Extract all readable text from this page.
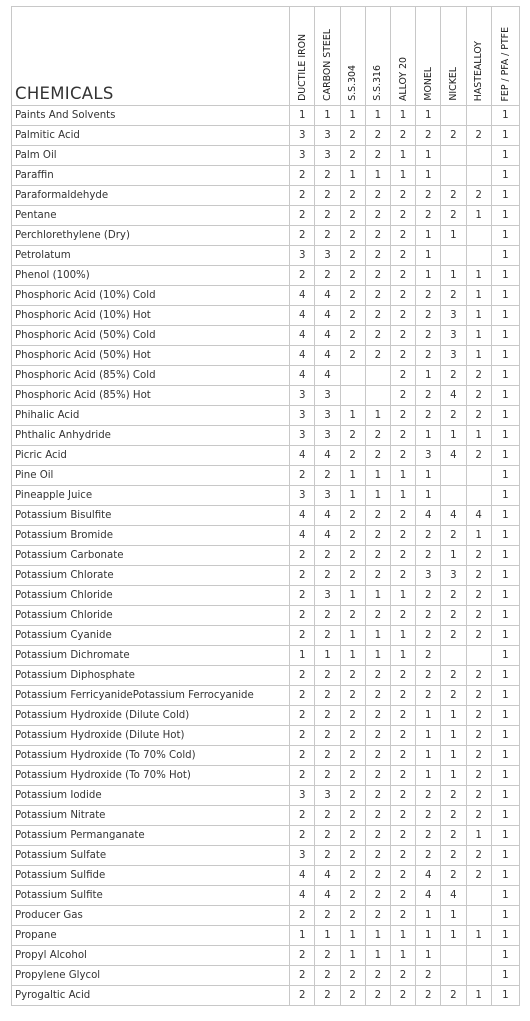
CHEMICALS	DUCTILE IRON	CARBON STEEL	S.S.304	S.S.316	ALLOY 20	MONEL	NICKEL	HASTEALLOY	FEP / PFA / PTFE

Paints And Solvents	1	1	1	1	1	1			1
Palmitic Acid	3	3	2	2	2	2	2	2	1
Palm Oil	3	3	2	2	1	1			1
Paraffin	2	2	1	1	1	1			1
Paraformaldehyde	2	2	2	2	2	2	2	2	1
Pentane	2	2	2	2	2	2	2	1	1
Perchlorethylene (Dry)	2	2	2	2	2	1	1		1
Petrolatum	3	3	2	2	2	1			1
Phenol (100%)	2	2	2	2	2	1	1	1	1
Phosphoric Acid (10%) Cold	4	4	2	2	2	2	2	1	1
Phosphoric Acid (10%) Hot	4	4	2	2	2	2	3	1	1
Phosphoric Acid (50%) Cold	4	4	2	2	2	2	3	1	1
Phosphoric Acid (50%) Hot	4	4	2	2	2	2	3	1	1
Phosphoric Acid (85%) Cold	4	4			2	1	2	2	1
Phosphoric Acid (85%) Hot	3	3			2	2	4	2	1
Phihalic Acid	3	3	1	1	2	2	2	2	1
Phthalic Anhydride	3	3	2	2	2	1	1	1	1
Picric Acid	4	4	2	2	2	3	4	2	1
Pine Oil	2	2	1	1	1	1			1
Pineapple Juice	3	3	1	1	1	1			1
Potassium Bisulfite	4	4	2	2	2	4	4	4	1
Potassium Bromide	4	4	2	2	2	2	2	1	1
Potassium Carbonate	2	2	2	2	2	2	1	2	1
Potassium Chlorate	2	2	2	2	2	3	3	2	1
Potassium Chloride	2	3	1	1	1	2	2	2	1
Potassium Chloride	2	2	2	2	2	2	2	2	1
Potassium Cyanide	2	2	1	1	1	2	2	2	1
Potassium Dichromate	1	1	1	1	1	2			1
Potassium Diphosphate	2	2	2	2	2	2	2	2	1
Potassium FerricyanidePotassium Ferrocyanide	2	2	2	2	2	2	2	2	1
Potassium Hydroxide (Dilute Cold)	2	2	2	2	2	1	1	2	1
Potassium Hydroxide (Dilute Hot)	2	2	2	2	2	1	1	2	1
Potassium Hydroxide (To 70% Cold)	2	2	2	2	2	1	1	2	1
Potassium Hydroxide (To 70% Hot)	2	2	2	2	2	1	1	2	1
Potassium Iodide	3	3	2	2	2	2	2	2	1
Potassium Nitrate	2	2	2	2	2	2	2	2	1
Potassium Permanganate	2	2	2	2	2	2	2	1	1
Potassium Sulfate	3	2	2	2	2	2	2	2	1
Potassium Sulfide	4	4	2	2	2	4	2	2	1
Potassium Sulfite	4	4	2	2	2	4	4		1
Producer Gas	2	2	2	2	2	1	1		1
Propane	1	1	1	1	1	1	1	1	1
Propyl Alcohol	2	2	1	1	1	1			1
Propylene Glycol	2	2	2	2	2	2			1
Pyrogaltic Acid	2	2	2	2	2	2	2	1	1
